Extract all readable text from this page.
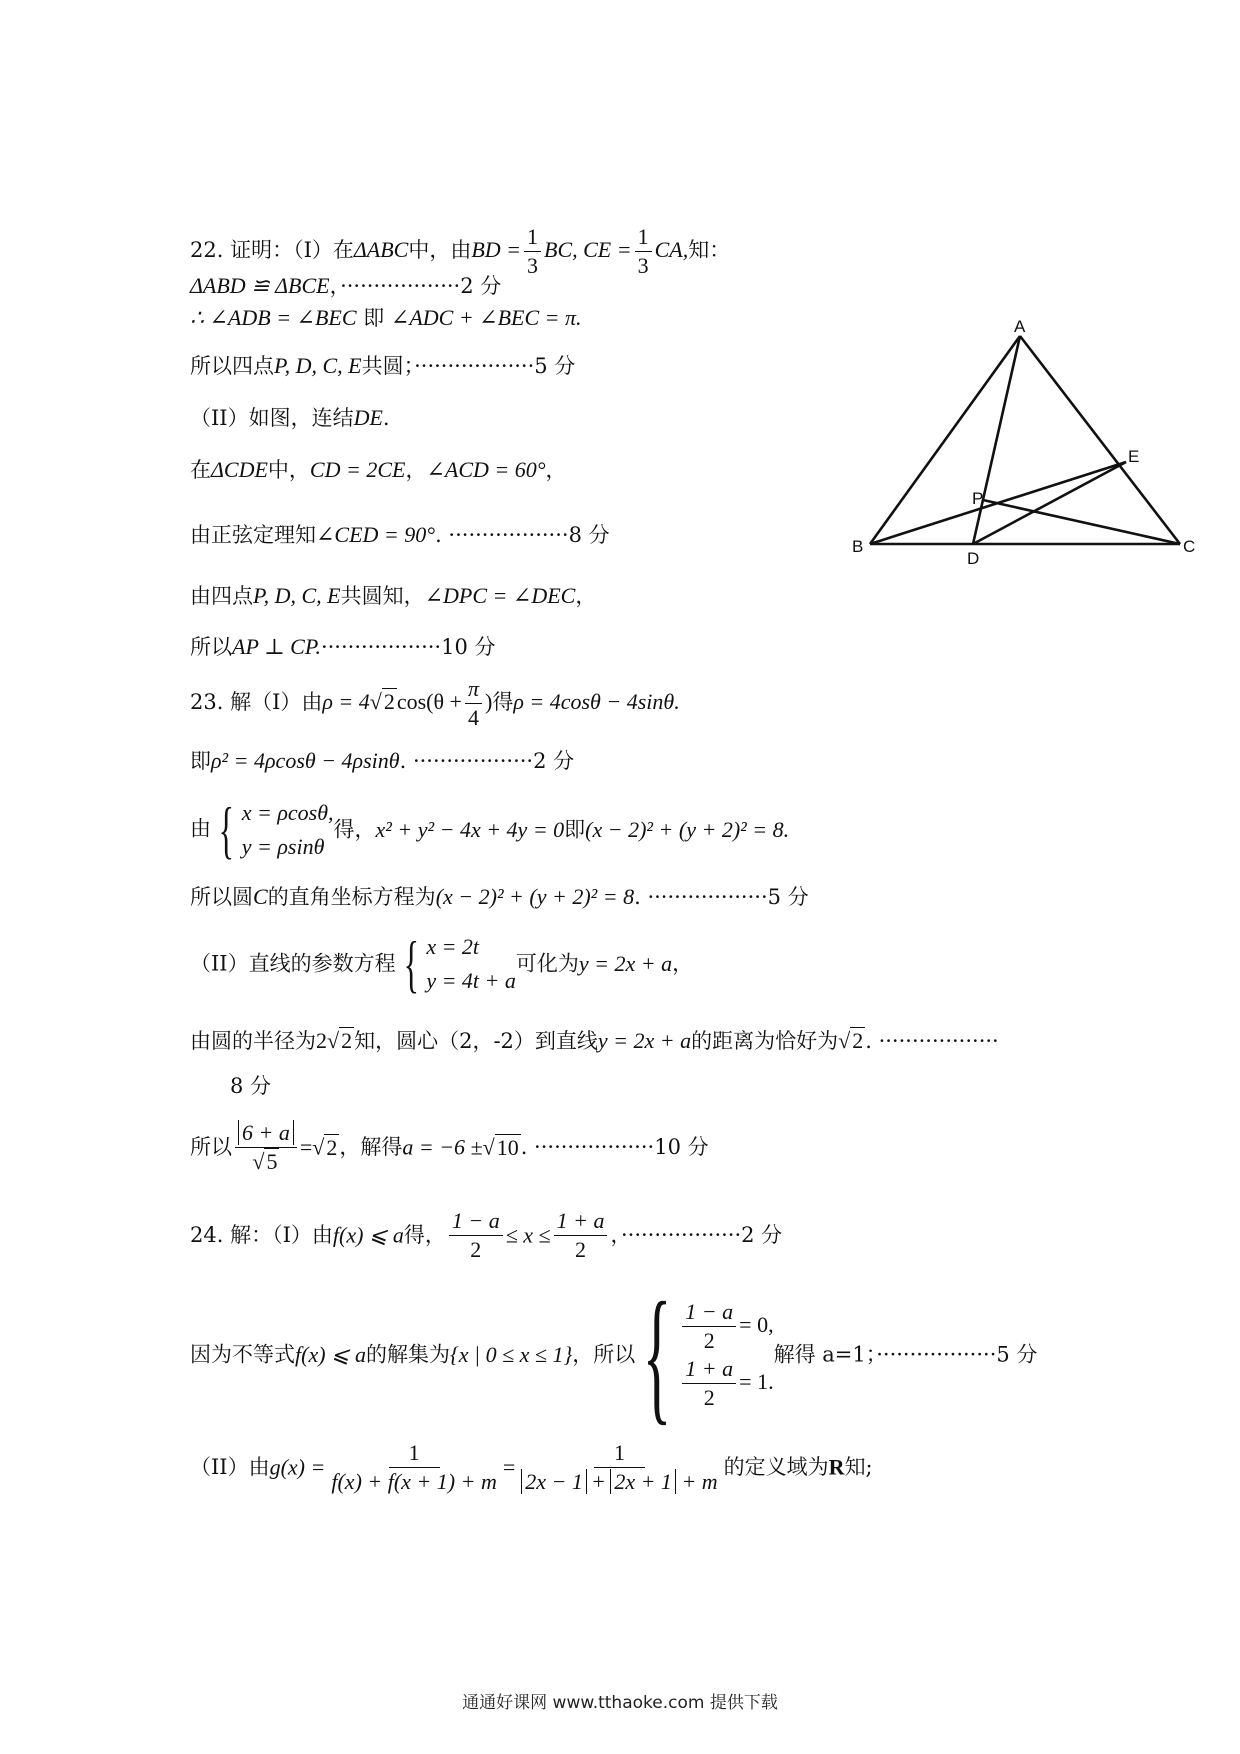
22. 证明：（I）在ΔABC中，由BD = $\frac{1}{3}$ BC, CE = $\frac{1}{3}$ CA,知：
ΔABD ≌ ΔBCE，··················2 分
∴ ∠ADB = ∠BEC 即 ∠ADC + ∠BEC = π.
所以四点P, D, C, E共圆；··················5 分
（II）如图，连结DE.
在ΔCDE中，CD = 2CE，∠ACD = 60°，
由正弦定理知∠CED = 90°. ··················8 分
由四点P, D, C, E共圆知，∠DPC = ∠DEC，
所以AP ⊥ CP.··················10 分
A
B	C
D
E
P
23. 解（I）由$\rho = 4√2\cos(\theta + \frac{\pi}{4}$ )得ρ = 4cosθ − 4sinθ.
即ρ² = 4ρcosθ − 4ρsinθ. ··················2 分
由 { x = ρcosθ,
y = ρsinθ
得，x² + y² − 4x + 4y = 0即(x − 2)² + (y + 2)² = 8.
所以圆C的直角坐标方程为(x − 2)² + (y + 2)² = 8. ··················5 分
（II）直线的参数方程 { x = 2t
y = 4t + a
可化为y = 2x + a，
由圆的半径为2√2知，圆心（2，-2）到直线y = 2x + a的距离为恰好为√2. ··················
8 分
所以 $\frac{6 + a}{√5} =√2$，解得a = −6 ±√10. ··················10 分
24. 解：（I）由f(x) ⩽ a得， $\frac{1 - a}{2} \le x \le \frac{1 + a}{2}$ ，··················2 分
因为不等式f(x) ⩽ a的解集为{x | 0 ≤ x ≤ 1}，所以{ $\frac{1 - a}{2} = 0$,
$\frac{1 + a}{2} = 1$.
解得 a=1；··················5 分
（II）由$g(x) = \frac{1}{f(x) + f(x + 1) + m} = \frac{1}{2x - 1 + 2x + 1 + m}$ 的定义域为R知;
通通好课网 www.tthaoke.com 提供下载
